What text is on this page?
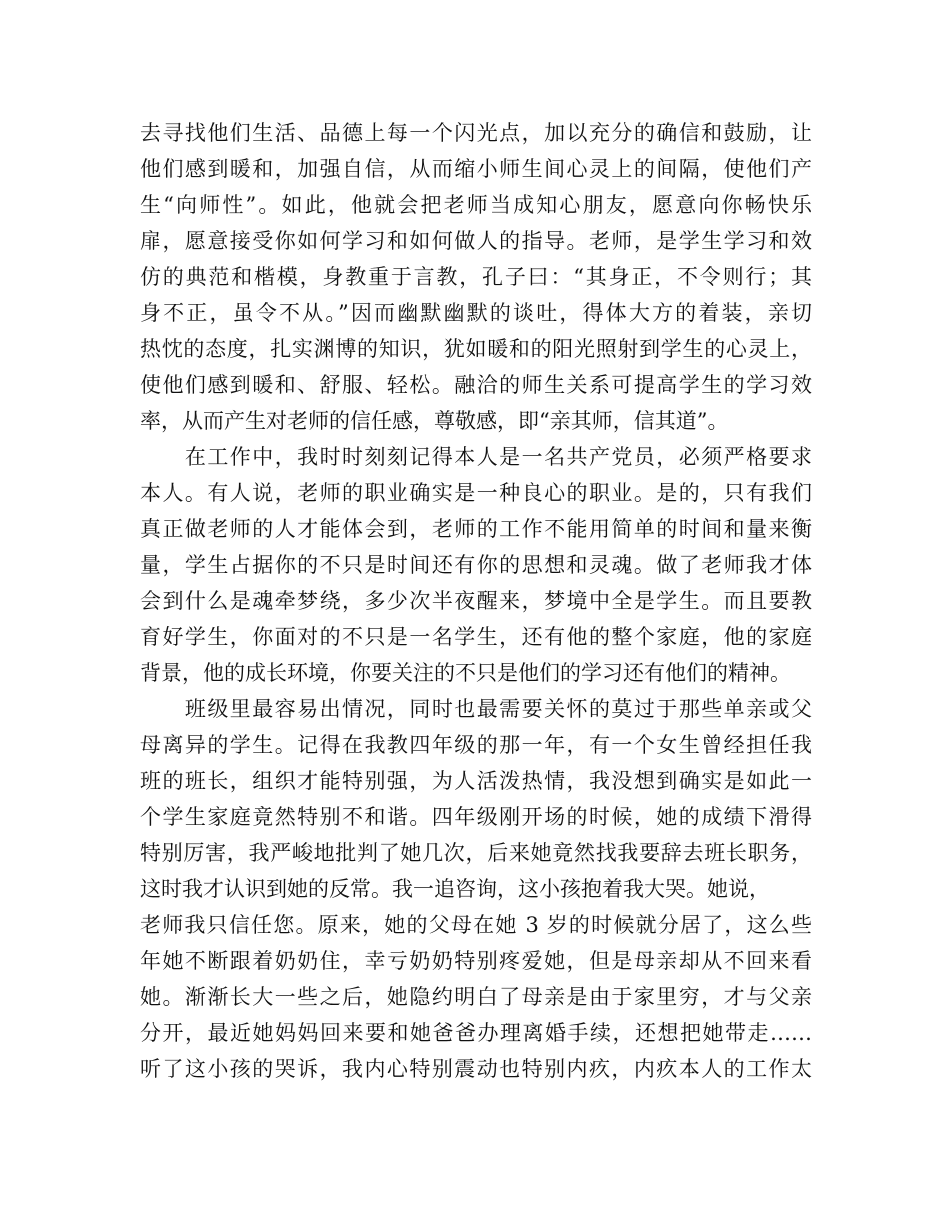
去寻找他们生活、品德上每一个闪光点，加以充分的确信和鼓励，让
他们感到暖和，加强自信，从而缩小师生间心灵上的间隔，使他们产
生“向师性”。如此，他就会把老师当成知心朋友，愿意向你畅快乐
扉，愿意接受你如何学习和如何做人的指导。老师，是学生学习和效
仿的典范和楷模，身教重于言教，孔子曰：“其身正，不令则行；其
身不正，虽令不从。”因而幽默幽默的谈吐，得体大方的着装，亲切
热忱的态度，扎实渊博的知识，犹如暖和的阳光照射到学生的心灵上，
使他们感到暖和、舒服、轻松。融洽的师生关系可提高学生的学习效
率，从而产生对老师的信任感，尊敬感，即“亲其师，信其道”。
　　在工作中，我时时刻刻记得本人是一名共产党员，必须严格要求
本人。有人说，老师的职业确实是一种良心的职业。是的，只有我们
真正做老师的人才能体会到，老师的工作不能用简单的时间和量来衡
量，学生占据你的不只是时间还有你的思想和灵魂。做了老师我才体
会到什么是魂牵梦绕，多少次半夜醒来，梦境中全是学生。而且要教
育好学生，你面对的不只是一名学生，还有他的整个家庭，他的家庭
背景，他的成长环境，你要关注的不只是他们的学习还有他们的精神。
　　班级里最容易出情况，同时也最需要关怀的莫过于那些单亲或父
母离异的学生。记得在我教四年级的那一年，有一个女生曾经担任我
班的班长，组织才能特别强，为人活泼热情，我没想到确实是如此一
个学生家庭竟然特别不和谐。四年级刚开场的时候，她的成绩下滑得
特别厉害，我严峻地批判了她几次，后来她竟然找我要辞去班长职务，
这时我才认识到她的反常。我一追咨询，这小孩抱着我大哭。她说，
老师我只信任您。原来，她的父母在她 3 岁的时候就分居了，这么些
年她不断跟着奶奶住，幸亏奶奶特别疼爱她，但是母亲却从不回来看
她。渐渐长大一些之后，她隐约明白了母亲是由于家里穷，才与父亲
分开，最近她妈妈回来要和她爸爸办理离婚手续，还想把她带走……
听了这小孩的哭诉，我内心特别震动也特别内疚，内疚本人的工作太
